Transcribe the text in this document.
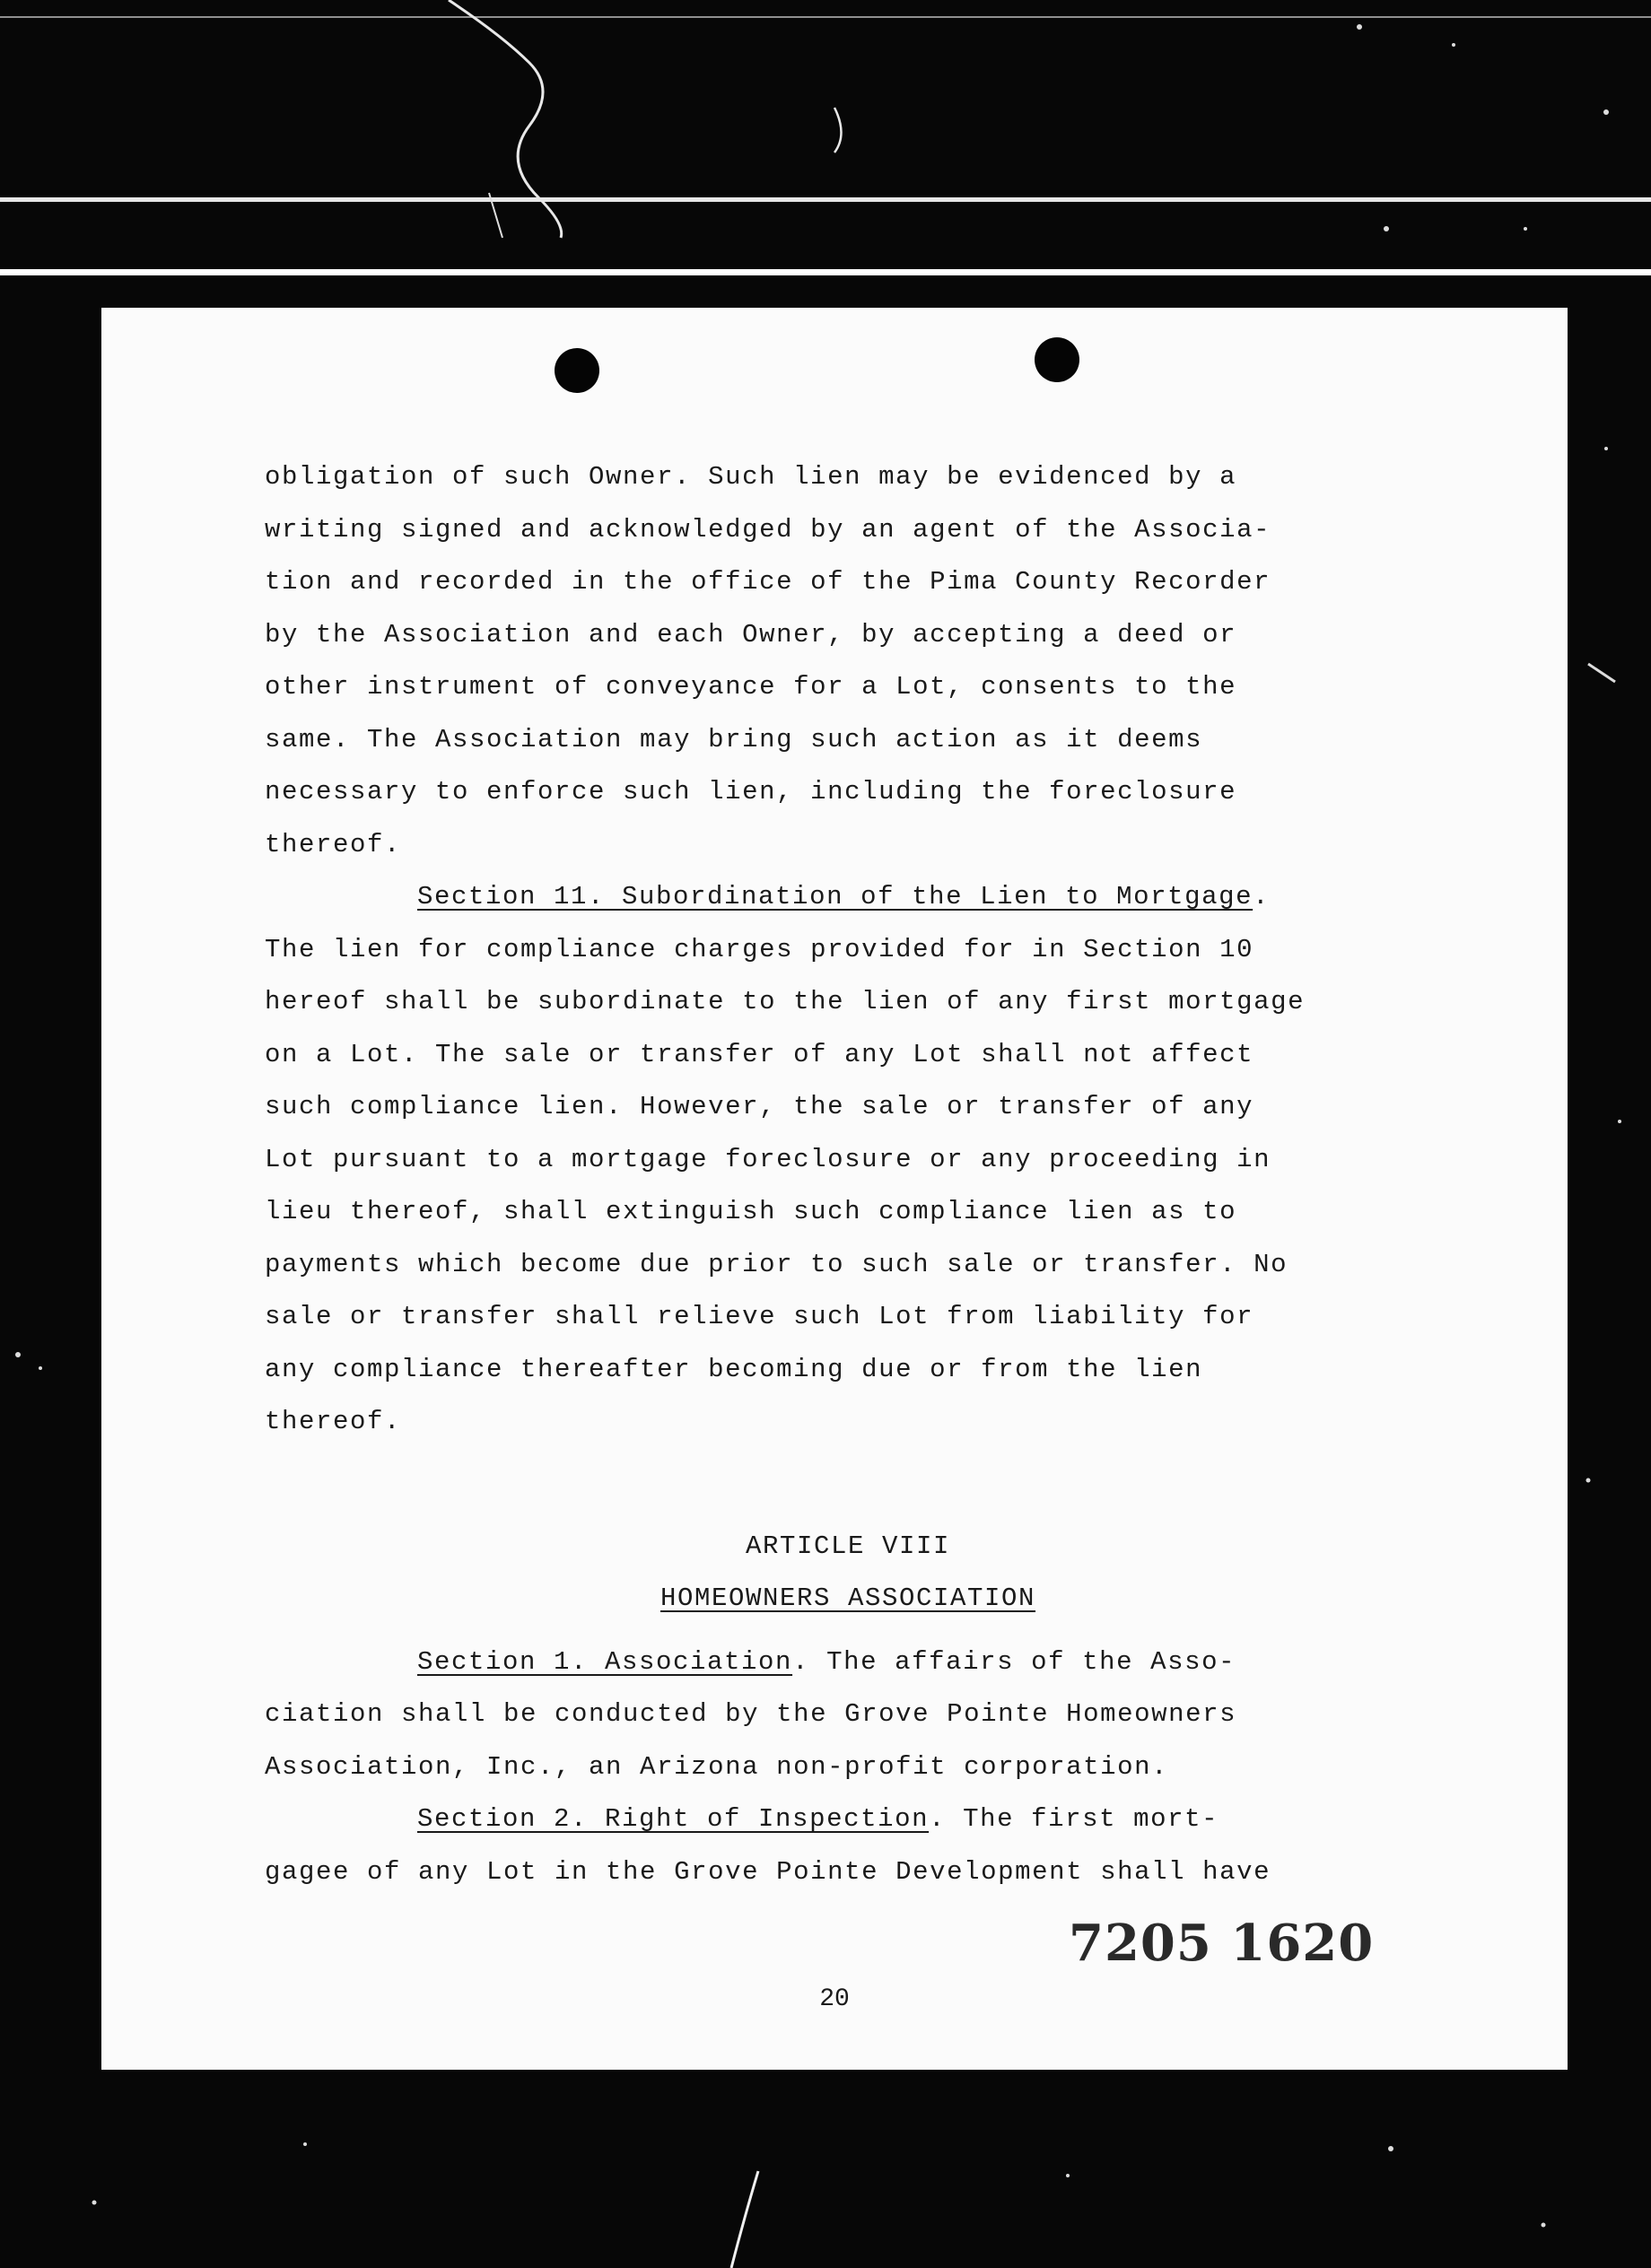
obligation of such Owner. Such lien may be evidenced by a

writing signed and acknowledged by an agent of the Associa-

tion and recorded in the office of the Pima County Recorder

by the Association and each Owner, by accepting a deed or

other instrument of conveyance for a Lot, consents to the

same. The Association may bring such action as it deems

necessary to enforce such lien, including the foreclosure

thereof.

Section 11. Subordination of the Lien to Mortgage.

The lien for compliance charges provided for in Section 10

hereof shall be subordinate to the lien of any first mortgage

on a Lot. The sale or transfer of any Lot shall not affect

such compliance lien. However, the sale or transfer of any

Lot pursuant to a mortgage foreclosure or any proceeding in

lieu thereof, shall extinguish such compliance lien as to

payments which become due prior to such sale or transfer. No

sale or transfer shall relieve such Lot from liability for

any compliance thereafter becoming due or from the lien

thereof.

ARTICLE VIII

HOMEOWNERS ASSOCIATION

Section 1. Association. The affairs of the Asso-

ciation shall be conducted by the Grove Pointe Homeowners

Association, Inc., an Arizona non-profit corporation.

Section 2. Right of Inspection. The first mort-

gagee of any Lot in the Grove Pointe Development shall have

7205 1620
20
